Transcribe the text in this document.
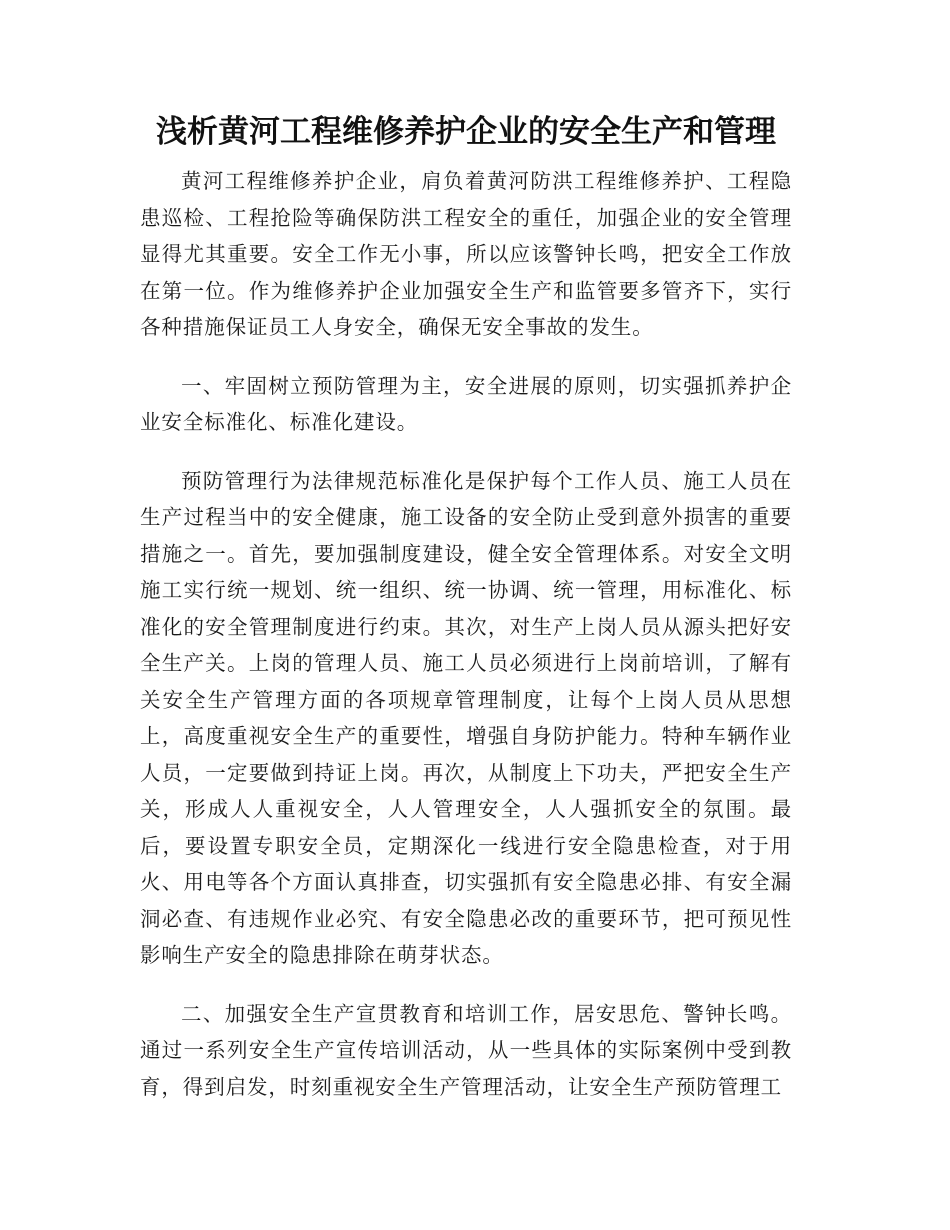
浅析黄河工程维修养护企业的安全生产和管理

黄河工程维修养护企业，肩负着黄河防洪工程维修养护、工程隐患巡检、工程抢险等确保防洪工程安全的重任，加强企业的安全管理显得尤其重要。安全工作无小事，所以应该警钟长鸣，把安全工作放在第一位。作为维修养护企业加强安全生产和监管要多管齐下，实行各种措施保证员工人身安全，确保无安全事故的发生。

一、牢固树立预防管理为主，安全进展的原则，切实强抓养护企业安全标准化、标准化建设。

预防管理行为法律规范标准化是保护每个工作人员、施工人员在生产过程当中的安全健康，施工设备的安全防止受到意外损害的重要措施之一。首先，要加强制度建设，健全安全管理体系。对安全文明施工实行统一规划、统一组织、统一协调、统一管理，用标准化、标准化的安全管理制度进行约束。其次，对生产上岗人员从源头把好安全生产关。上岗的管理人员、施工人员必须进行上岗前培训，了解有关安全生产管理方面的各项规章管理制度，让每个上岗人员从思想上，高度重视安全生产的重要性，增强自身防护能力。特种车辆作业人员，一定要做到持证上岗。再次，从制度上下功夫，严把安全生产关，形成人人重视安全，人人管理安全，人人强抓安全的氛围。最后，要设置专职安全员，定期深化一线进行安全隐患检查，对于用火、用电等各个方面认真排查，切实强抓有安全隐患必排、有安全漏洞必查、有违规作业必究、有安全隐患必改的重要环节，把可预见性影响生产安全的隐患排除在萌芽状态。

二、加强安全生产宣贯教育和培训工作，居安思危、警钟长鸣。通过一系列安全生产宣传培训活动，从一些具体的实际案例中受到教育，得到启发，时刻重视安全生产管理活动，让安全生产预防管理工
